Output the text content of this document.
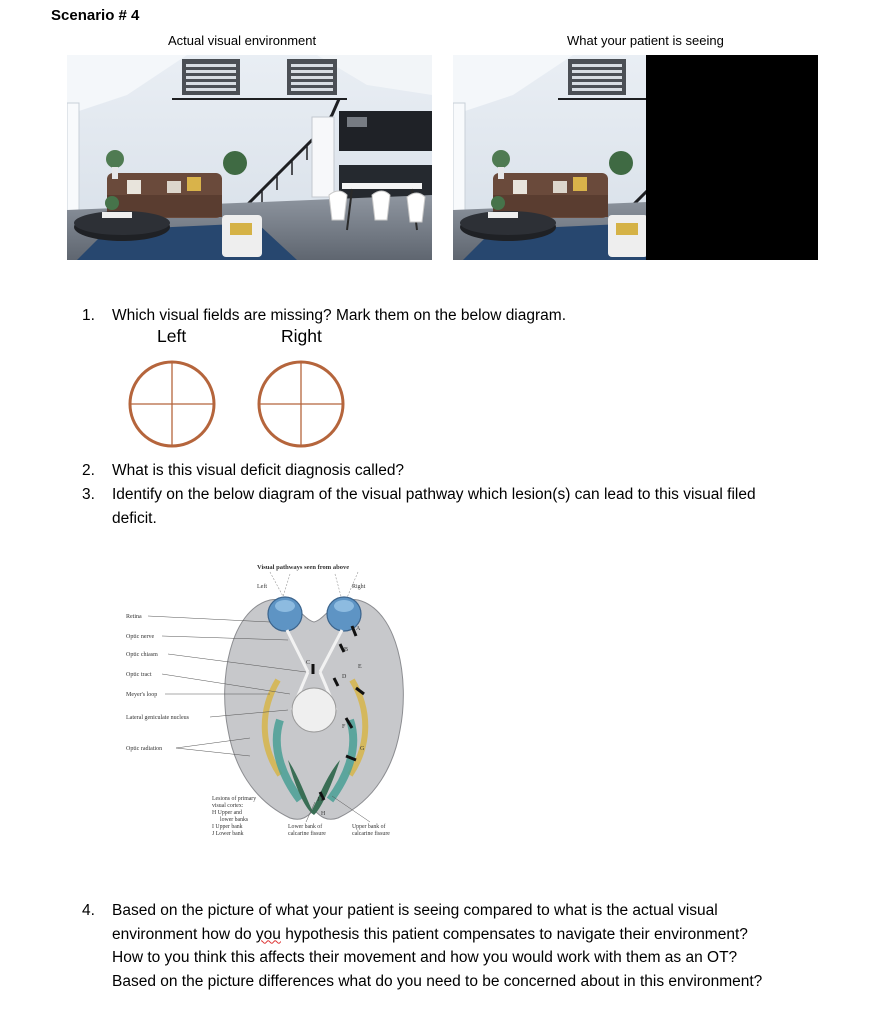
Scenario # 4
Actual visual environment	What your patient is seeing
1. Which visual fields are missing? Mark them on the below diagram.
Left	Right
2. What is this visual deficit diagnosis called?
3. Identify on the below diagram of the visual pathway which lesion(s) can lead to this visual filed
deficit.
Visual pathways seen from above
Left	Right
A
B
C
D
E
F
G
Retina
Optic nerve
Optic chiasm
Optic tract
Meyer's loop
Lateral geniculate nucleus
Optic radiation
Lesions of primary
visual cortex:
H Upper and
lower banks
I Upper bank
J Lower bank
Lower bank of
calcarine fissure
Upper bank of
calcarine fissure
J I
H
4. Based on the picture of what your patient is seeing compared to what is the actual visual
environment how do you hypothesis this patient compensates to navigate their environment?
How to you think this affects their movement and how you would work with them as an OT?
Based on the picture differences what do you need to be concerned about in this environment?
